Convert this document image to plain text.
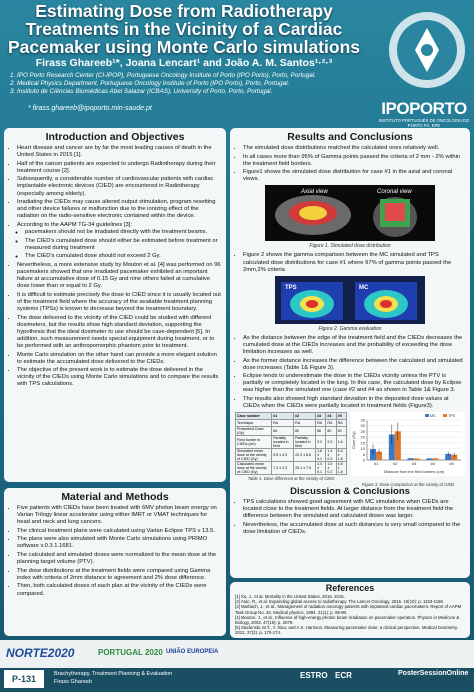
Estimating Dose from Radiotherapy Treatments in the Vicinity of a Cardiac Pacemaker using Monte Carlo simulations
Firass Ghareeb¹*, Joana Lencart¹ and João A. M. Santos¹·²·³
1. IPO Porto Research Center (CI-IPOP), Portuguese Oncology Institute of Porto (IPO Porto), Porto, Portugal.
2. Medical Physics Department, Portuguese Oncology Institute of Porto (IPO Porto), Porto, Portugal.
3. Instituto de Ciências Biomédicas Abel Salazar (ICBAS), University of Porto, Porto, Portugal.
* firass.ghareeb@ipoporto.min-saude.pt	IPOPORTO
INSTITUTO PORTUGUÊS DE ONCOLOGIA DO PORTO FG, EPE
Introduction and Objectives
• Heart disease and cancer are by far the most leading causes of death in the United States in 2015 [1].
• Half of the cancer patients are expected to undergo Radiotherapy during their treatment course [2].
• Subsequently, a considerable number of cardiovascular patients with cardiac implantable electronic devices (CIED) are encountered in Radiotherapy (especially among elderly).
• Irradiating the CIEDs may cause altered output stimulation, program resetting and other device failures or malfunction due to the ionizing effect of the radiation on the radio-sensitive electronic contained within the device.
• According to the AAPM TG-34 guidelines [3]:
◦ pacemakers should not be irradiated directly with the treatment beams.
◦ The CIED's cumulated dose should either be estimated before treatment or measured during treatment
◦ The CIED's cumulated dose should not exceed 2 Gy.
• Nevertheless, a more extensive study by Mouton et al. [4] was performed on 96 pacemakers showed that one irradiated pacemaker exhibited an important failure at accumulative dose of 0.15 Gy and nine others failed at cumulative dose lower than or equal to 2 Gy.
• It is difficult to estimate precisely the dose to CIED since it is usually located out of the treatment field where the accuracy of the available treatment planning systems (TPSs) is known to decrease beyond the treatment boundary.
• The dose delivered to the vicinity of the CIED could be studied with different dosimeters, but the results show high standard deviation, supporting the hypothesis that the ideal dosimeter to use should be case-dependent [5]. In addition, such measurement needs special equipment during treatment, or to be performed with an anthropomorphic phantom prior to treatment.
• Monte Carlo simulation on the other hand can provide a more elegant solution to estimate the accumulated dose delivered to the CIEDs.
• The objective of the present work is to estimate the dose delivered in the vicinity of the CIEDs using Monte Carlo simulations and to compare the results with TPS calculations.
Material and Methods
• Five patients with CIEDs have been treated with 6MV photon beam energy on Varian Trilogy linear accelerator using either IMRT or VMAT techniques for head and neck and lung cancers.
• The clinical treatment plans were calculated using Varian Eclipse TPS v 13.5.
• The plans were also simulated with Monte Carlo simulations using PRIMO software v.0.3.1.1681.
• The calculated and simulated doses were normalized to the mean dose at the planning target volume (PTV).
• The dose distributions at the treatment fields were compared using Gamma index with criteria of 2mm distance to agreement and 2% dose difference.
• Then, both calculated doses of each plan at the vicinity of the CIEDs were compared.
Results and Conclusions
• The simulated dose distributions matched the calculated ones relatively well.
• In all cases more than 95% of Gamma points passed the criteria of 2 mm - 2% within the treatment field borders.
• Figure1 shows the simulated dose distribution for case #1 in the axial and coronal views.
Axial view	Coronal view
Figure 1. Simulated dose distribution
• Figure 2 shows the gamma comparison between the MC simulated and TPS calculated dose distributions for case #1 where 97% of gamma points passed the 2mm,2% criteria
TPS	MC
Figure 2. Gamma evaluation
• As the distance between the edge of the treatment field and the CIEDs decreases the cumulated dose at the CIEDs increases and the probability of exceeding the dose limitation increases as well.
• As the former distance increases the difference between the calculated and simulated dose increases (Table 1& Figure 3).
• Eclipse tends to underestimate the dose in the CIEDs vicinity unless the PTV is partially or completely located in the lung. In this case, the calculated dose by Eclipse was higher than the simulated one (case #2 and #4 as shown in Table 1& Figure 3.
• The results also showed high standard deviation in the deposited dose values at CIEDs when the CIEDs were partially located in treatment fields (Figure3).
Case number	#1	#2	#3	#4	#5
Technique	RA	RA	RA	RA	RA
Prescribed Dose (Gy)	66	60	66	60	50
Field border to CIEDs (cm)	Partially located in field	Partially located in field	3.2	2.0	1.6
Simulated mean dose at the vicinity of CIED (Gy)	9.5 ± 4.3	22.3 ± 8.6	1.6 ± 0.1	1.4 ± 0.2	5.4 ± 1.6
Calculated mean dose at the vicinity of CIED (Gy)	7.3 ± 2.3	25.1 ± 7.9	1.4 ± 0.1	1.5 ± 0.2	4.5 ± 1.8
Table 1. Dose difference at the vicinity of CIED
0
5
10
15
20
25
30
35
#1	#2	#3	#4	#5
Distance from the field borders (cm)
Dose (Gy)
MC	TPS
Figure 3. Dose Comparison at the vicinity of CIED
Discussion & Conclusions
• TPS calculations showed good agreement with MC simulations when CIEDs are located close to the treatment fields. At larger distance from the treatment field the difference between the simulated and calculated doses was larger.
• Nevertheless, the accumulated dose at such distances is very small compared to the dose limitation of CIEDs.
References
[1] Xu, J., et al. Mortality in the United States, 2015. 2016.
[2] Atun, R., et al. Expanding global access to radiotherapy. The Lancet Oncology, 2015. 16(10): p. 1153-1186.
[3] Marbach, J., et al., Management of radiation oncology patients with implanted cardiac pacemakers: Report of AAPM Task Group No. 34. Medical physics, 1994. 21(1): p. 85-90.
[4] Mouton, J., et al., Influence of high-energy photon beam irradiation on pacemaker operation. Physics in Medicine & Biology, 2002. 47(16): p. 2879.
[5] Studenski, M.T., Y. Xiao, and A.S. Harrison, Measuring pacemaker dose: a clinical perspective. Medical Dosimetry, 2012. 37(2): p. 170-174.
NORTE2020	PORTUGAL 2020 UNIÃO EUROPEIA
P-131	Brachytherapy, Treatment Planning & Evaluation
Firass Ghareeb
ESTRO ECR	PosterSessionOnline
